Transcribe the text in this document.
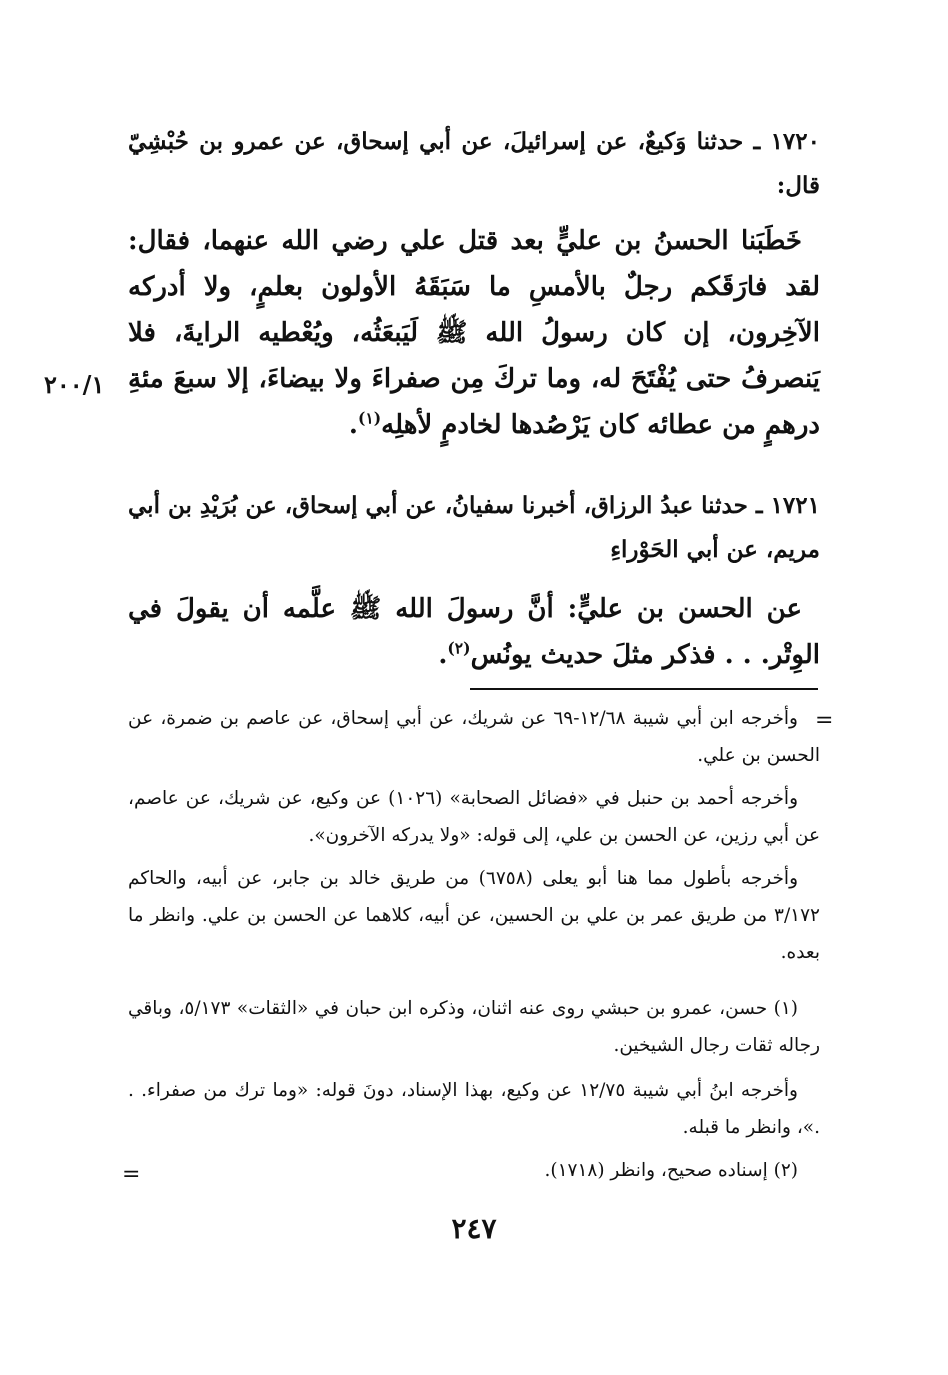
١٧٢٠ ـ حدثنا وَكيعٌ، عن إسرائيلَ، عن أبي إسحاق، عن عمرو بن حُبْشِيّ قال:
خَطَبَنا الحسنُ بن عليٍّ بعد قتل علي رضي الله عنهما، فقال: لقد فارَقَكم رجلٌ بالأمسِ ما سَبَقَهُ الأولون بعلمٍ، ولا أدركه الآخِرون، إن كان رسولُ الله ﷺ لَيَبعَثُه، ويُعْطيه الرايةَ، فلا يَنصرفُ حتى يُفْتَحَ له، وما تركَ مِن صفراءَ ولا بيضاءَ، إلا سبعَ مئةِ درهمٍ من عطائه كان يَرْصُدها لخادمٍ لأهلِه$^{(١)}$.
٢٠٠/١
١٧٢١ ـ حدثنا عبدُ الرزاق، أخبرنا سفيانُ، عن أبي إسحاق، عن بُرَيْدِ بن أبي مريم، عن أبي الحَوْراءِ
عن الحسن بن عليٍّ: أنَّ رسولَ الله ﷺ علَّمه أن يقولَ في الوِتْر. . . فذكر مثلَ حديث يونُس$^{(٢)}$.
=
وأخرجه ابن أبي شيبة ١٢/٦٨-٦٩ عن شريك، عن أبي إسحاق، عن عاصم بن ضمرة، عن الحسن بن علي.
وأخرجه أحمد بن حنبل في «فضائل الصحابة» (١٠٢٦) عن وكيع، عن شريك، عن عاصم، عن أبي رزين، عن الحسن بن علي، إلى قوله: «ولا يدركه الآخرون».
وأخرجه بأطول مما هنا أبو يعلى (٦٧٥٨) من طريق خالد بن جابر، عن أبيه، والحاكم ٣/١٧٢ من طريق عمر بن علي بن الحسين، عن أبيه، كلاهما عن الحسن بن علي. وانظر ما بعده.
(١) حسن، عمرو بن حبشي روى عنه اثنان، وذكره ابن حبان في «الثقات» ٥/١٧٣، وباقي رجاله ثقات رجال الشيخين.
وأخرجه ابنُ أبي شيبة ١٢/٧٥ عن وكيع، بهذا الإسناد، دونَ قوله: «وما ترك من صفراء. . .»، وانظر ما قبله.
(٢) إسناده صحيح، وانظر (١٧١٨).
=
٢٤٧
